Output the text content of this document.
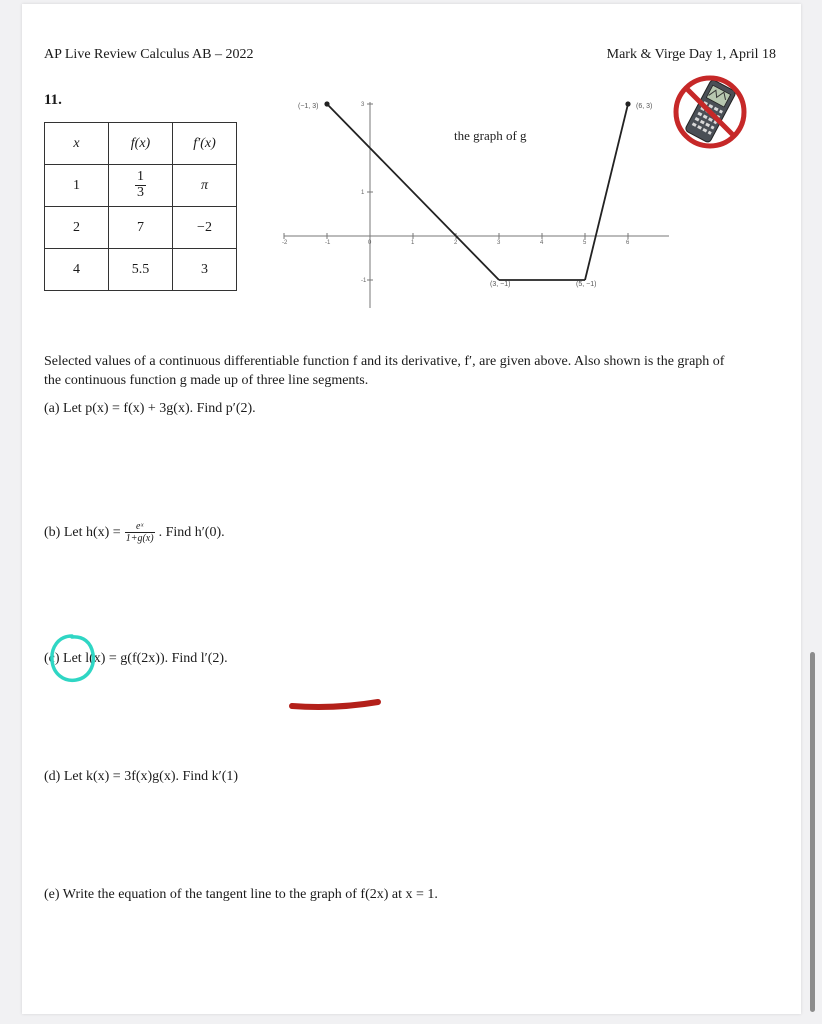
AP Live Review Calculus AB – 2022	Mark & Virge Day 1, April 18
11.
x	f(x)	f′(x)
1	$\frac{1}{3}$	π
2	7	−2
4	5.5	3
-2	-1	0	1	2	3	4	5	6
3
1
-1
the graph of g
(−1, 3)	(6, 3)
(3, −1)	(5, −1)
Selected values of a continuous differentiable function f and its derivative, f′, are given above. Also shown is the graph of the continuous function g made up of three line segments.
(a) Let p(x) = f(x) + 3g(x). Find p′(2).
(b) Let $h(x) = \frac{\text{eˣ}}{1+g(x)}$ . Find h′(0).
(c) Let l(x) = g(f(2x)). Find l′(2).
(d) Let k(x) = 3f(x)g(x). Find k′(1)
(e) Write the equation of the tangent line to the graph of f(2x) at x = 1.
